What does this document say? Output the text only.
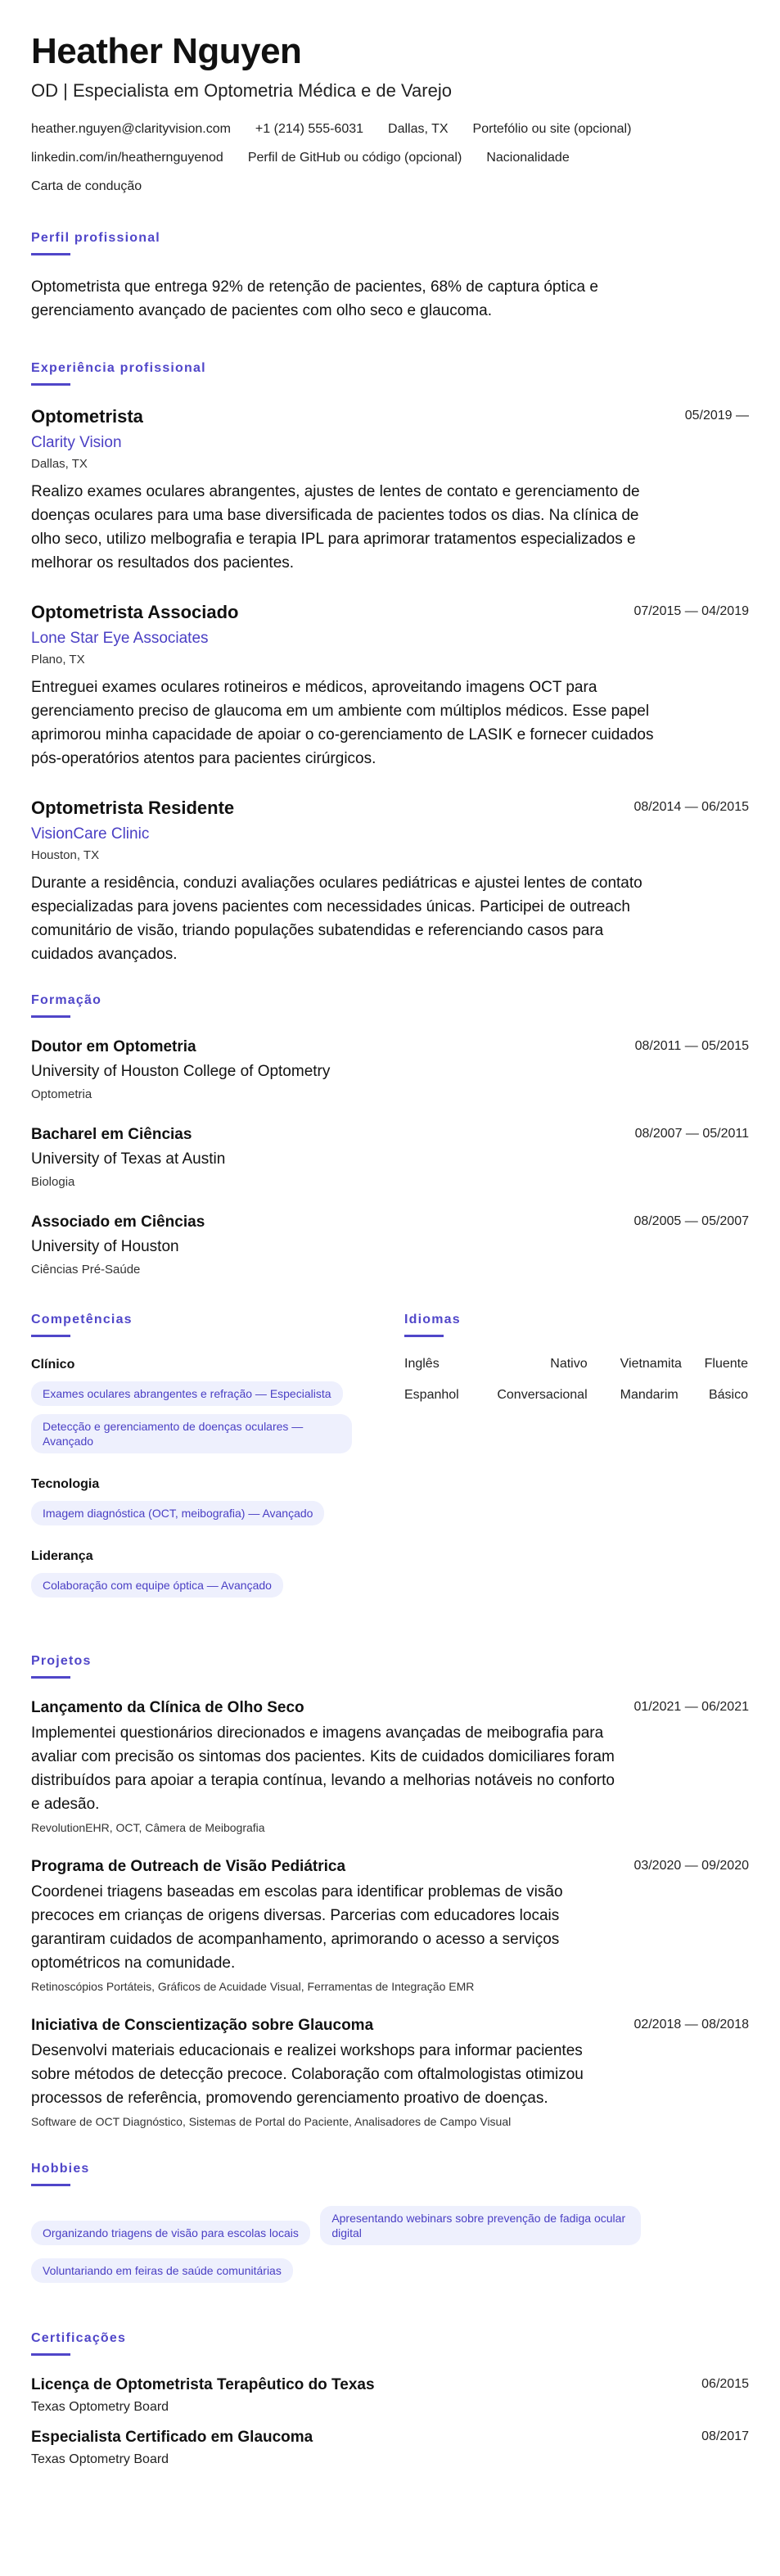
Heather Nguyen
OD | Especialista em Optometria Médica e de Varejo
heather.nguyen@clarityvision.com +1 (214) 555-6031 Dallas, TX Portefólio ou site (opcional)
linkedin.com/in/heathernguyenod Perfil de GitHub ou código (opcional) Nacionalidade
Carta de condução
Perfil profissional
Optometrista que entrega 92% de retenção de pacientes, 68% de captura óptica e gerenciamento avançado de pacientes com olho seco e glaucoma.
Experiência profissional
05/2019 —
Optometrista
Clarity Vision
Dallas, TX
Realizo exames oculares abrangentes, ajustes de lentes de contato e gerenciamento de doenças oculares para uma base diversificada de pacientes todos os dias. Na clínica de olho seco, utilizo melbografia e terapia IPL para aprimorar tratamentos especializados e melhorar os resultados dos pacientes.
07/2015 — 04/2019
Optometrista Associado
Lone Star Eye Associates
Plano, TX
Entreguei exames oculares rotineiros e médicos, aproveitando imagens OCT para gerenciamento preciso de glaucoma em um ambiente com múltiplos médicos. Esse papel aprimorou minha capacidade de apoiar o co-gerenciamento de LASIK e fornecer cuidados pós-operatórios atentos para pacientes cirúrgicos.
08/2014 — 06/2015
Optometrista Residente
VisionCare Clinic
Houston, TX
Durante a residência, conduzi avaliações oculares pediátricas e ajustei lentes de contato especializadas para jovens pacientes com necessidades únicas. Participei de outreach comunitário de visão, triando populações subatendidas e referenciando casos para cuidados avançados.
Formação
08/2011 — 05/2015
Doutor em Optometria
University of Houston College of Optometry
Optometria
08/2007 — 05/2011
Bacharel em Ciências
University of Texas at Austin
Biologia
08/2005 — 05/2007
Associado em Ciências
University of Houston
Ciências Pré-Saúde
Competências
Clínico
Exames oculares abrangentes e refração — Especialista
Detecção e gerenciamento de doenças oculares — Avançado
Tecnologia
Imagem diagnóstica (OCT, meibografia) — Avançado
Liderança
Colaboração com equipe óptica — Avançado
Idiomas
Inglês	Nativo	Vietnamita	Fluente
Espanhol	Conversacional	Mandarim	Básico
Projetos
01/2021 — 06/2021
Lançamento da Clínica de Olho Seco
Implementei questionários direcionados e imagens avançadas de meibografia para avaliar com precisão os sintomas dos pacientes. Kits de cuidados domiciliares foram distribuídos para apoiar a terapia contínua, levando a melhorias notáveis no conforto e adesão.
RevolutionEHR, OCT, Câmera de Meibografia
03/2020 — 09/2020
Programa de Outreach de Visão Pediátrica
Coordenei triagens baseadas em escolas para identificar problemas de visão precoces em crianças de origens diversas. Parcerias com educadores locais garantiram cuidados de acompanhamento, aprimorando o acesso a serviços optométricos na comunidade.
Retinoscópios Portáteis, Gráficos de Acuidade Visual, Ferramentas de Integração EMR
02/2018 — 08/2018
Iniciativa de Conscientização sobre Glaucoma
Desenvolvi materiais educacionais e realizei workshops para informar pacientes sobre métodos de detecção precoce. Colaboração com oftalmologistas otimizou processos de referência, promovendo gerenciamento proativo de doenças.
Software de OCT Diagnóstico, Sistemas de Portal do Paciente, Analisadores de Campo Visual
Hobbies
Organizando triagens de visão para escolas locais Apresentando webinars sobre prevenção de fadiga ocular digital Voluntariando em feiras de saúde comunitárias
Certificações
06/2015
Licença de Optometrista Terapêutico do Texas
Texas Optometry Board
08/2017
Especialista Certificado em Glaucoma
Texas Optometry Board
